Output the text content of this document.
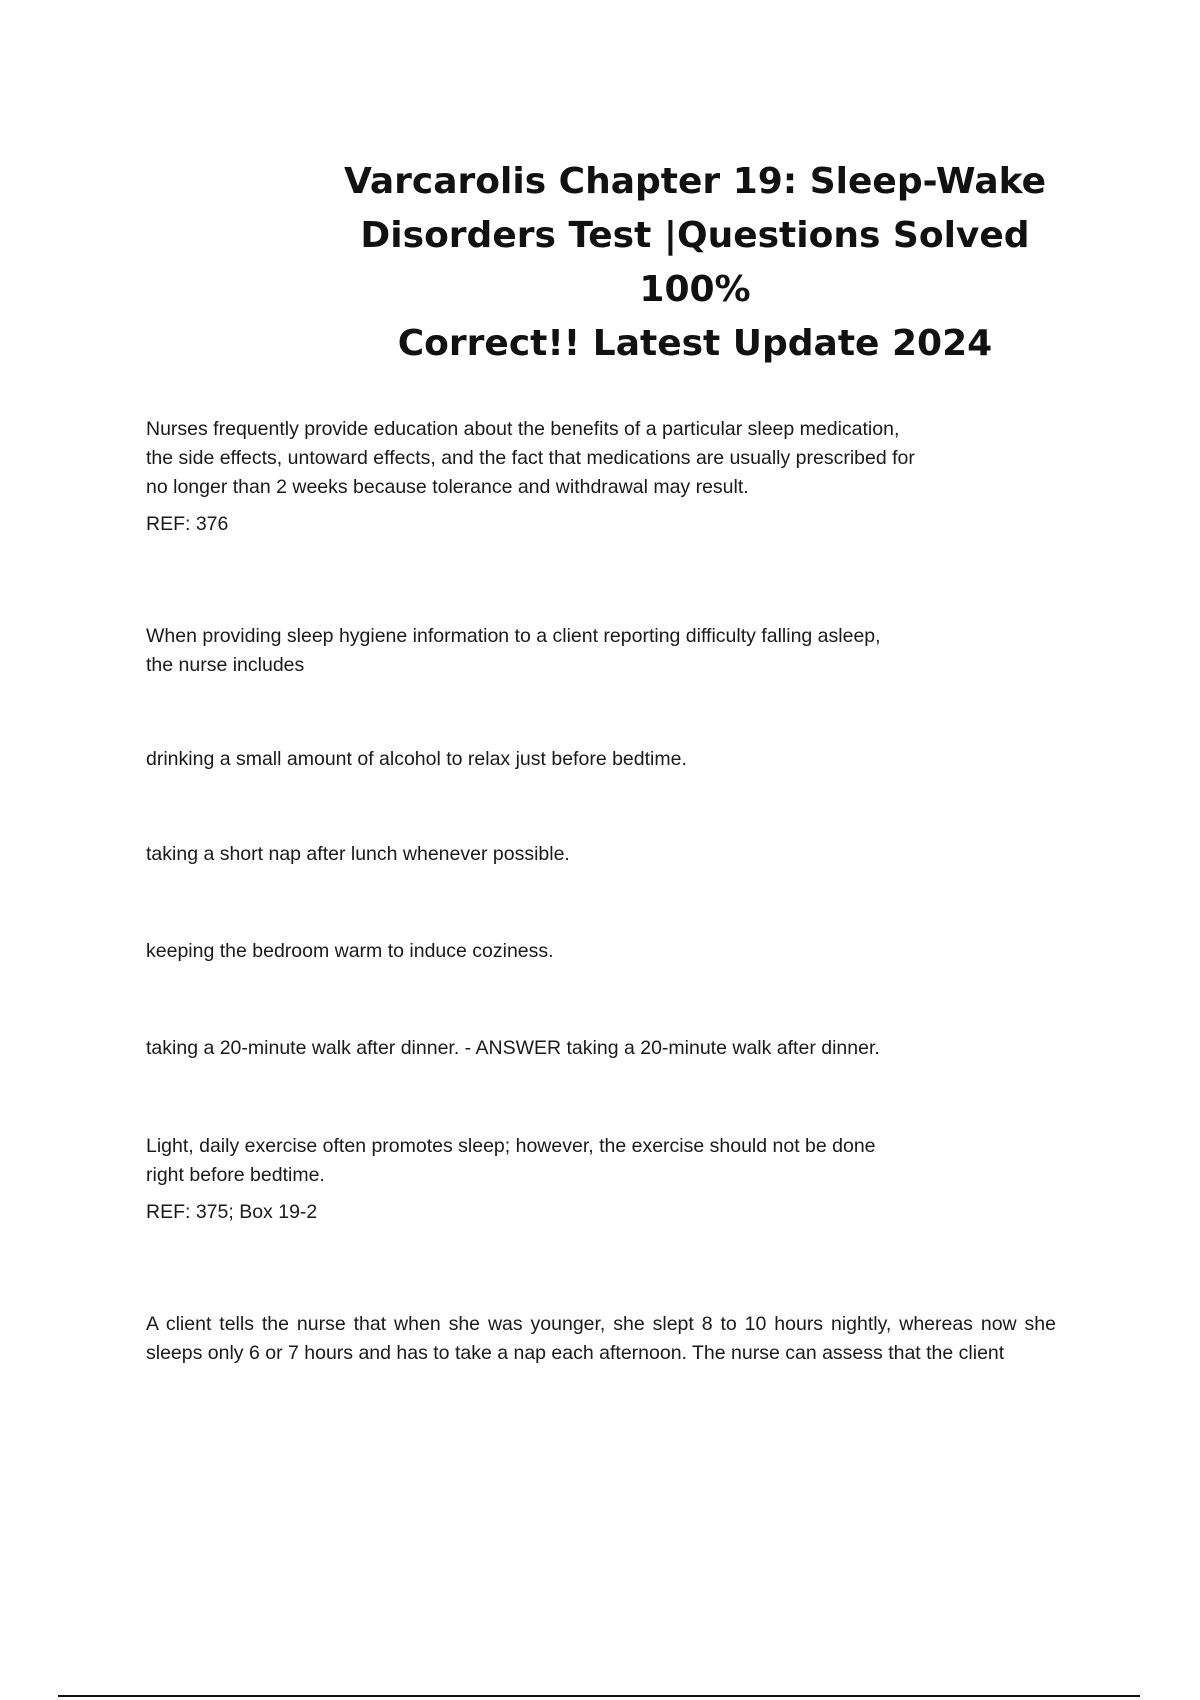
Varcarolis Chapter 19: Sleep-Wake
Disorders Test |Questions Solved 100%
Correct!! Latest Update 2024

Nurses frequently provide education about the benefits of a particular sleep medication,

the side effects, untoward effects, and the fact that medications are usually prescribed for

no longer than 2 weeks because tolerance and withdrawal may result.

REF: 376

When providing sleep hygiene information to a client reporting difficulty falling asleep,

the nurse includes

drinking a small amount of alcohol to relax just before bedtime.

taking a short nap after lunch whenever possible.

keeping the bedroom warm to induce coziness.

taking a 20-minute walk after dinner. - ANSWER taking a 20-minute walk after dinner.

Light, daily exercise often promotes sleep; however, the exercise should not be done

right before bedtime.

REF: 375; Box 19-2

A client tells the nurse that when she was younger, she slept 8 to 10 hours nightly, whereas now she sleeps only 6 or 7 hours and has to take a nap each afternoon. The nurse can assess that the client
